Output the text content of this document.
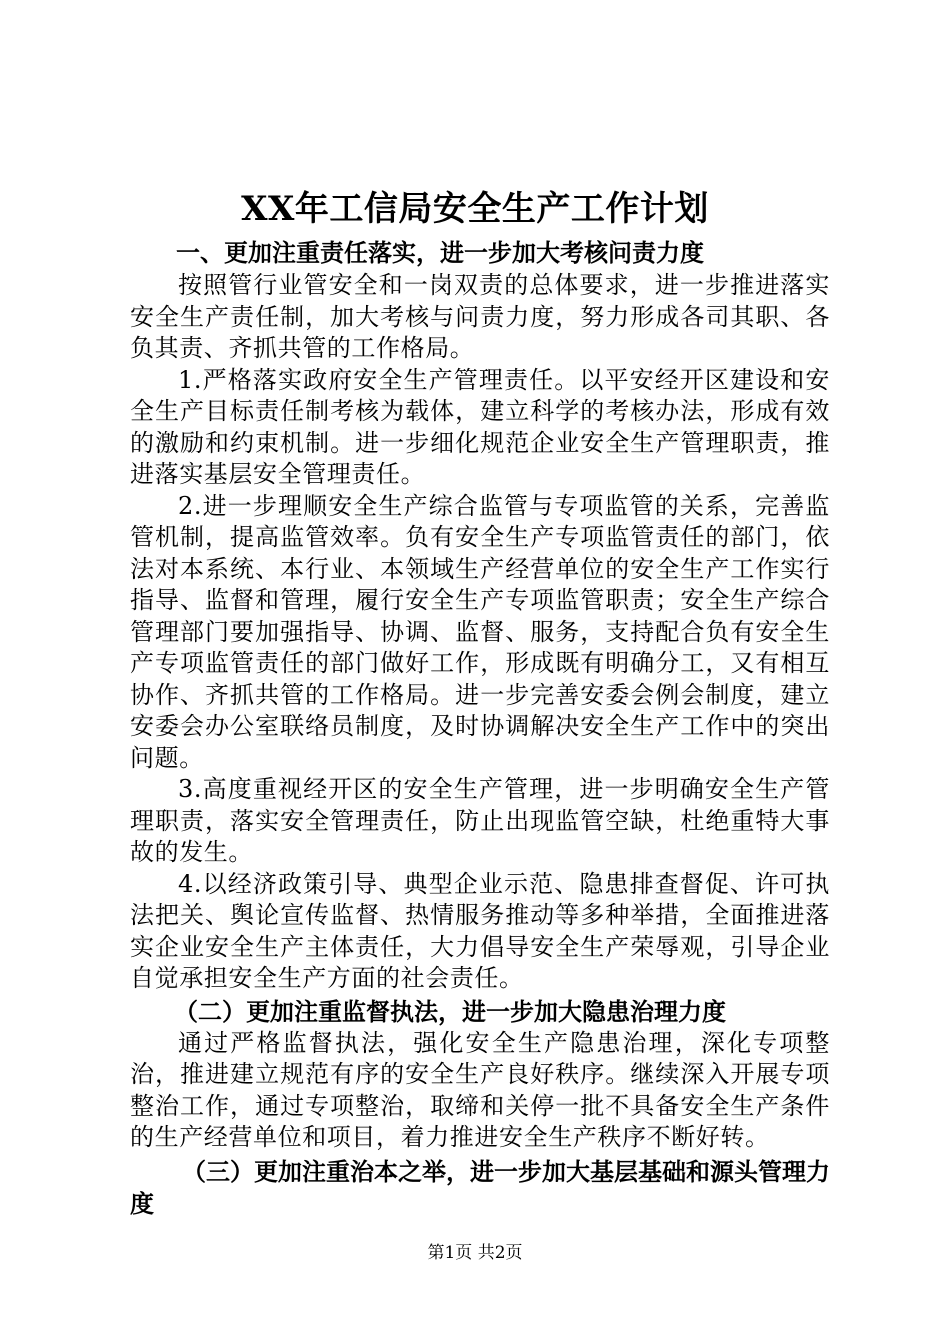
XX年工信局安全生产工作计划

一、更加注重责任落实，进一步加大考核问责力度

按照管行业管安全和一岗双责的总体要求，进一步推进落实安全生产责任制，加大考核与问责力度，努力形成各司其职、各负其责、齐抓共管的工作格局。

1.严格落实政府安全生产管理责任。以平安经开区建设和安全生产目标责任制考核为载体，建立科学的考核办法，形成有效的激励和约束机制。进一步细化规范企业安全生产管理职责，推进落实基层安全管理责任。

2.进一步理顺安全生产综合监管与专项监管的关系，完善监管机制，提高监管效率。负有安全生产专项监管责任的部门，依法对本系统、本行业、本领域生产经营单位的安全生产工作实行指导、监督和管理，履行安全生产专项监管职责；安全生产综合管理部门要加强指导、协调、监督、服务，支持配合负有安全生产专项监管责任的部门做好工作，形成既有明确分工，又有相互协作、齐抓共管的工作格局。进一步完善安委会例会制度，建立安委会办公室联络员制度，及时协调解决安全生产工作中的突出问题。

3.高度重视经开区的安全生产管理，进一步明确安全生产管理职责，落实安全管理责任，防止出现监管空缺，杜绝重特大事故的发生。

4.以经济政策引导、典型企业示范、隐患排查督促、许可执法把关、舆论宣传监督、热情服务推动等多种举措，全面推进落实企业安全生产主体责任，大力倡导安全生产荣辱观，引导企业自觉承担安全生产方面的社会责任。

（二）更加注重监督执法，进一步加大隐患治理力度

通过严格监督执法，强化安全生产隐患治理，深化专项整治，推进建立规范有序的安全生产良好秩序。继续深入开展专项整治工作，通过专项整治，取缔和关停一批不具备安全生产条件的生产经营单位和项目，着力推进安全生产秩序不断好转。

（三）更加注重治本之举，进一步加大基层基础和源头管理力度

第1页 共2页
